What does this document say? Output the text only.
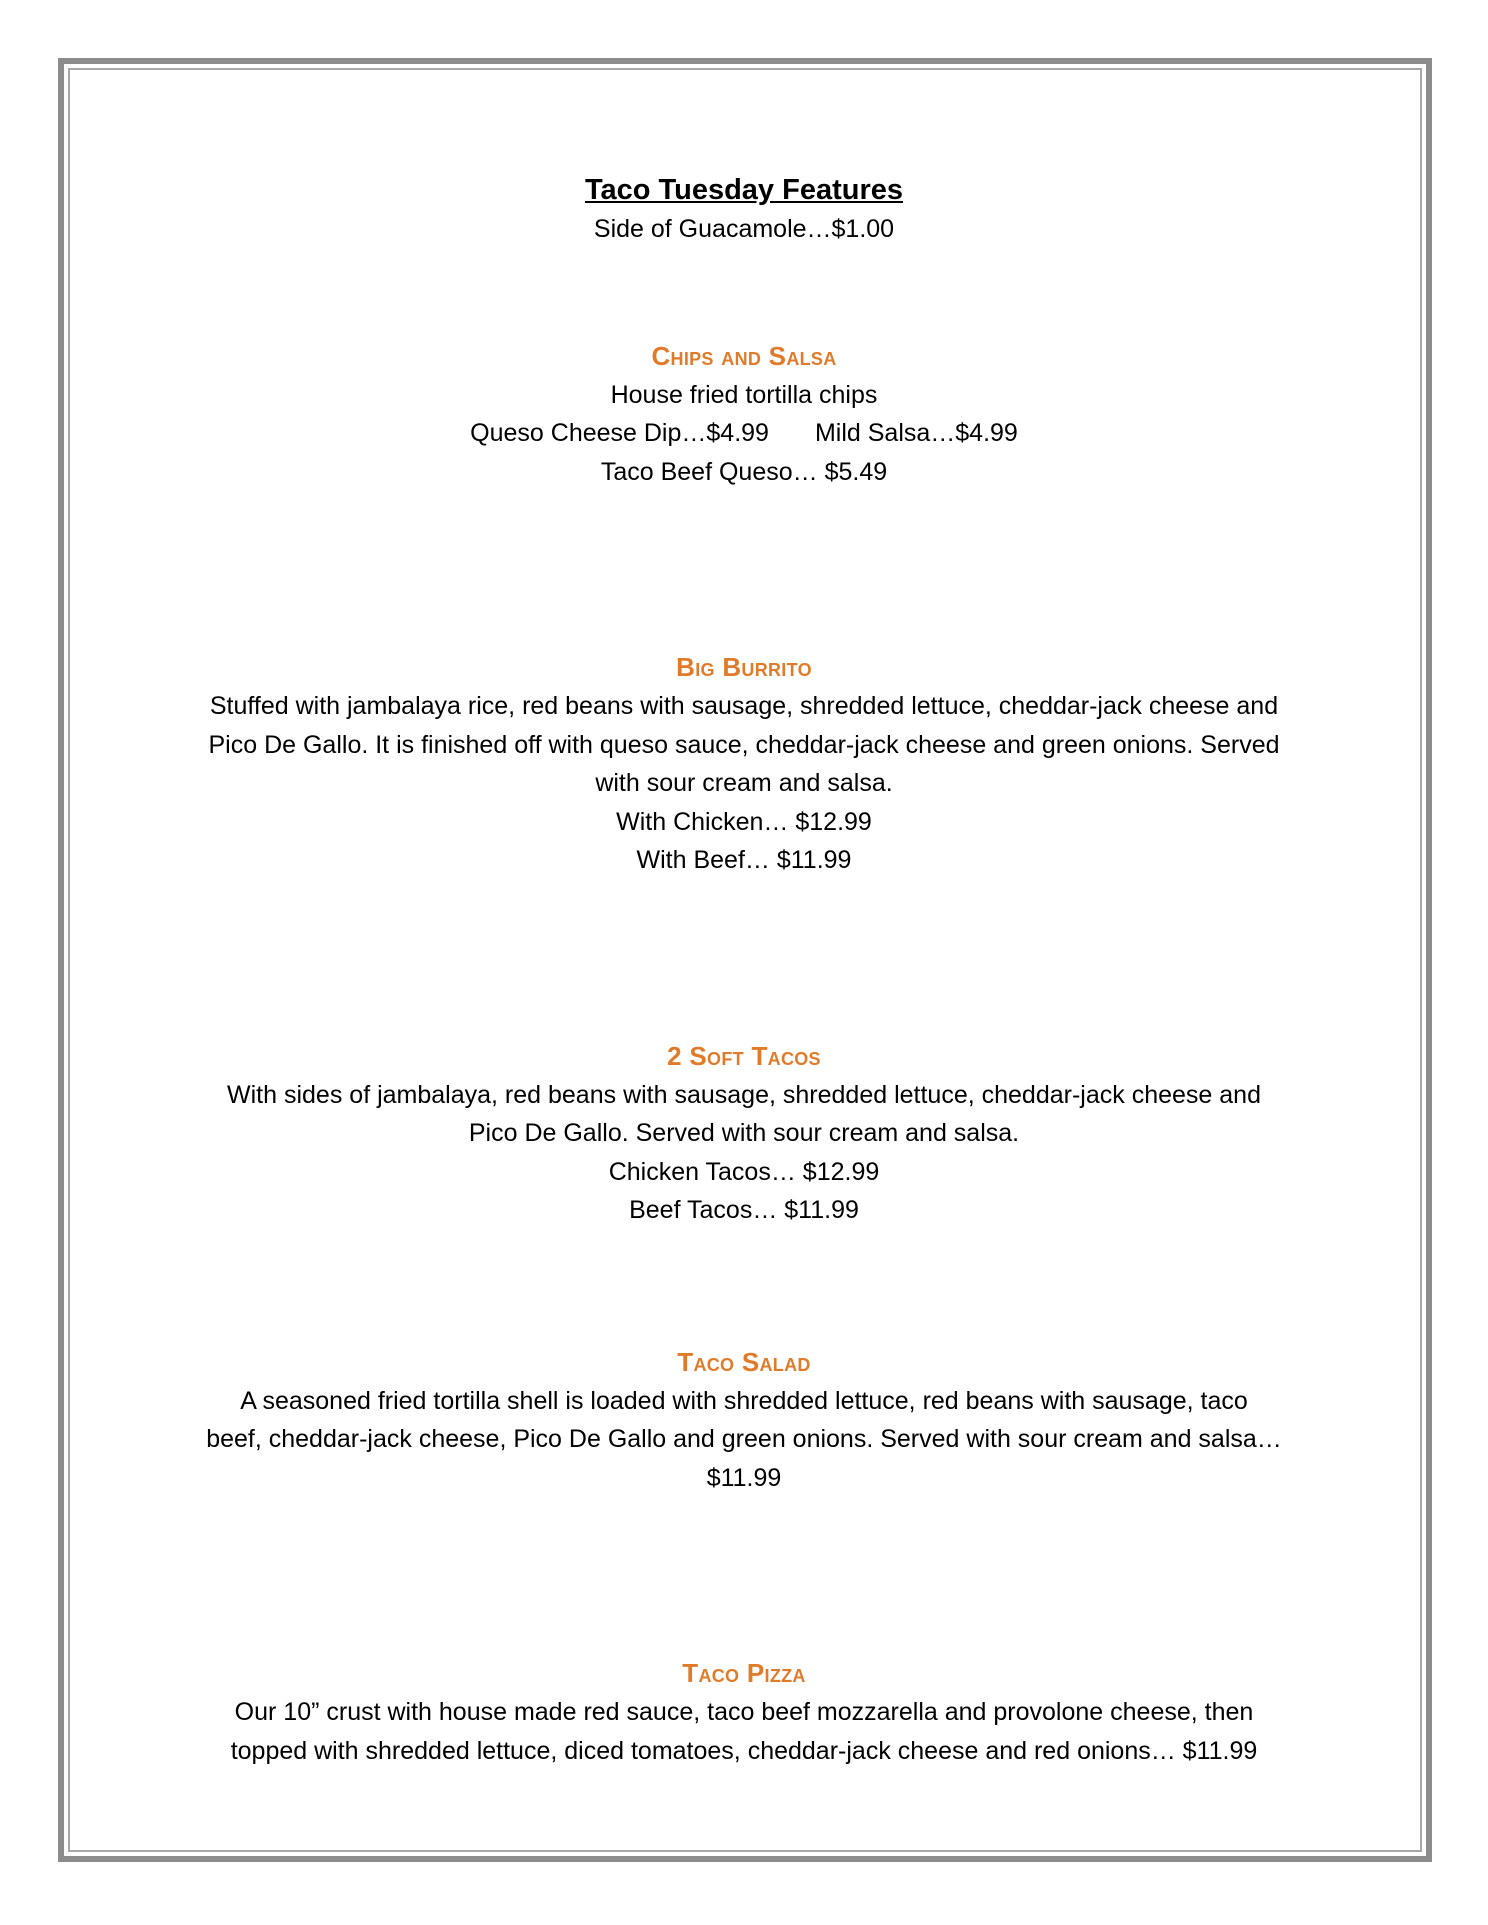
Taco Tuesday Features
Side of Guacamole…$1.00
Chips and Salsa
House fried tortilla chips
Queso Cheese Dip…$4.99 Mild Salsa…$4.99
Taco Beef Queso… $5.49
Big Burrito
Stuffed with jambalaya rice, red beans with sausage, shredded lettuce, cheddar-jack cheese and
Pico De Gallo. It is finished off with queso sauce, cheddar-jack cheese and green onions. Served
with sour cream and salsa.
With Chicken… $12.99
With Beef… $11.99
2 Soft Tacos
With sides of jambalaya, red beans with sausage, shredded lettuce, cheddar-jack cheese and
Pico De Gallo. Served with sour cream and salsa.
Chicken Tacos… $12.99
Beef Tacos… $11.99
Taco Salad
A seasoned fried tortilla shell is loaded with shredded lettuce, red beans with sausage, taco
beef, cheddar-jack cheese, Pico De Gallo and green onions. Served with sour cream and salsa…
$11.99
Taco Pizza
Our 10” crust with house made red sauce, taco beef mozzarella and provolone cheese, then
topped with shredded lettuce, diced tomatoes, cheddar-jack cheese and red onions… $11.99
